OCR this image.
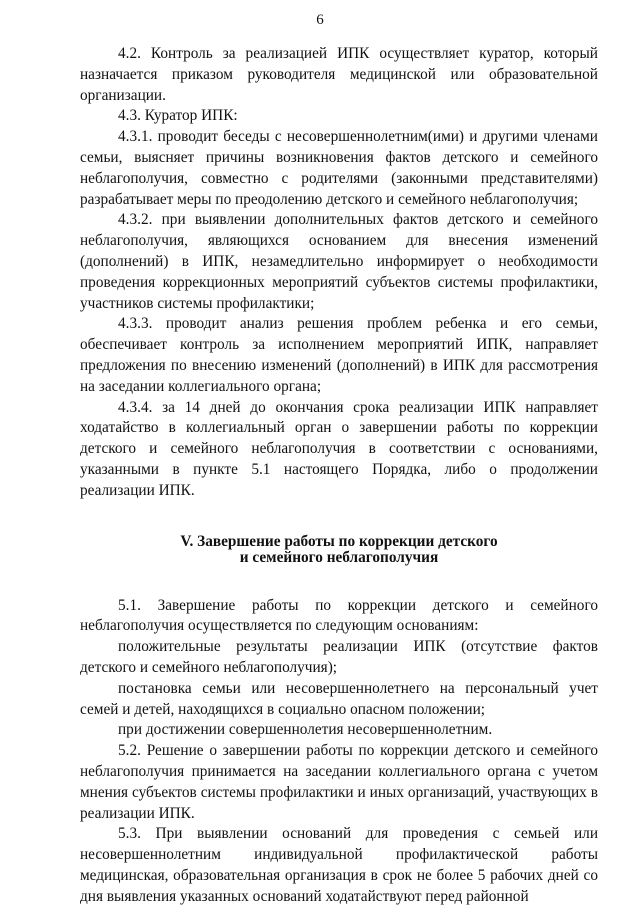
6

4.2. Контроль за реализацией ИПК осуществляет куратор, который назначается приказом руководителя медицинской или образовательной организации.

4.3. Куратор ИПК:

4.3.1. проводит беседы с несовершеннолетним(ими) и другими членами семьи, выясняет причины возникновения фактов детского и семейного неблагополучия, совместно с родителями (законными представителями) разрабатывает меры по преодолению детского и семейного неблагополучия;

4.3.2. при выявлении дополнительных фактов детского и семейного неблагополучия, являющихся основанием для внесения изменений (дополнений) в ИПК, незамедлительно информирует о необходимости проведения коррекционных мероприятий субъектов системы профилактики, участников системы профилактики;

4.3.3. проводит анализ решения проблем ребенка и его семьи, обеспечивает контроль за исполнением мероприятий ИПК, направляет предложения по внесению изменений (дополнений) в ИПК для рассмотрения на заседании коллегиального органа;

4.3.4. за 14 дней до окончания срока реализации ИПК направляет ходатайство в коллегиальный орган о завершении работы по коррекции детского и семейного неблагополучия в соответствии с основаниями, указанными в пункте 5.1 настоящего Порядка, либо о продолжении реализации ИПК.

V. Завершение работы по коррекции детского
и семейного неблагополучия

5.1. Завершение работы по коррекции детского и семейного неблагополучия осуществляется по следующим основаниям:

положительные результаты реализации ИПК (отсутствие фактов детского и семейного неблагополучия);

постановка семьи или несовершеннолетнего на персональный учет семей и детей, находящихся в социально опасном положении;

при достижении совершеннолетия несовершеннолетним.

5.2. Решение о завершении работы по коррекции детского и семейного неблагополучия принимается на заседании коллегиального органа с учетом мнения субъектов системы профилактики и иных организаций, участвующих в реализации ИПК.

5.3. При выявлении оснований для проведения с семьей или несовершеннолетним индивидуальной профилактической работы медицинская, образовательная организация в срок не более 5 рабочих дней со дня выявления указанных оснований ходатайствуют перед районной
